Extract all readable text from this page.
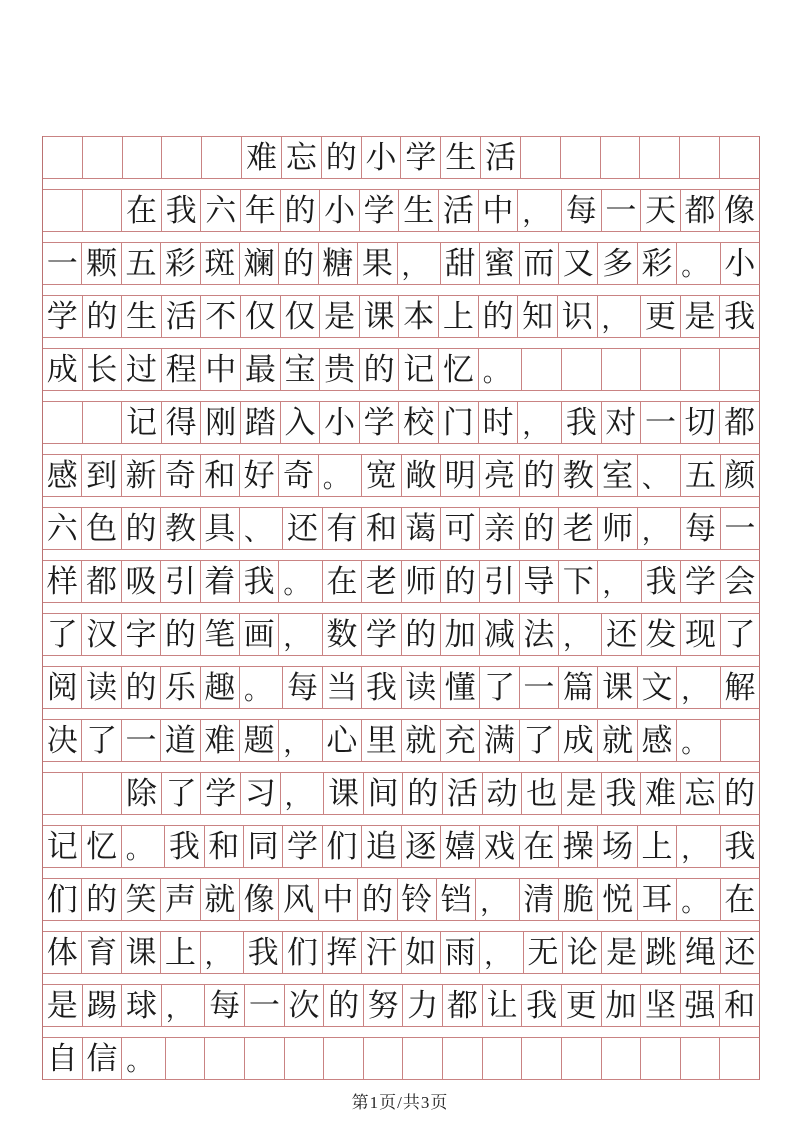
难 忘 的 小 学 生 活
在 我 六 年 的 小 学 生 活 中 ， 每 一 天 都 像
一 颗 五 彩 斑 斓 的 糖 果 ， 甜 蜜 而 又 多 彩 。 小
学 的 生 活 不 仅 仅 是 课 本 上 的 知 识 ， 更 是 我
成 长 过 程 中 最 宝 贵 的 记 忆 。
记 得 刚 踏 入 小 学 校 门 时 ， 我 对 一 切 都
感 到 新 奇 和 好 奇 。 宽 敞 明 亮 的 教 室 、 五 颜
六 色 的 教 具 、 还 有 和 蔼 可 亲 的 老 师 ， 每 一
样 都 吸 引 着 我 。 在 老 师 的 引 导 下 ， 我 学 会
了 汉 字 的 笔 画 ， 数 学 的 加 减 法 ， 还 发 现 了
阅 读 的 乐 趣 。 每 当 我 读 懂 了 一 篇 课 文 ， 解
决 了 一 道 难 题 ， 心 里 就 充 满 了 成 就 感 。
除 了 学 习 ， 课 间 的 活 动 也 是 我 难 忘 的
记 忆 。 我 和 同 学 们 追 逐 嬉 戏 在 操 场 上 ， 我
们 的 笑 声 就 像 风 中 的 铃 铛 ， 清 脆 悦 耳 。 在
体 育 课 上 ， 我 们 挥 汗 如 雨 ， 无 论 是 跳 绳 还
是 踢 球 ， 每 一 次 的 努 力 都 让 我 更 加 坚 强 和
自 信 。
第1页/共3页
